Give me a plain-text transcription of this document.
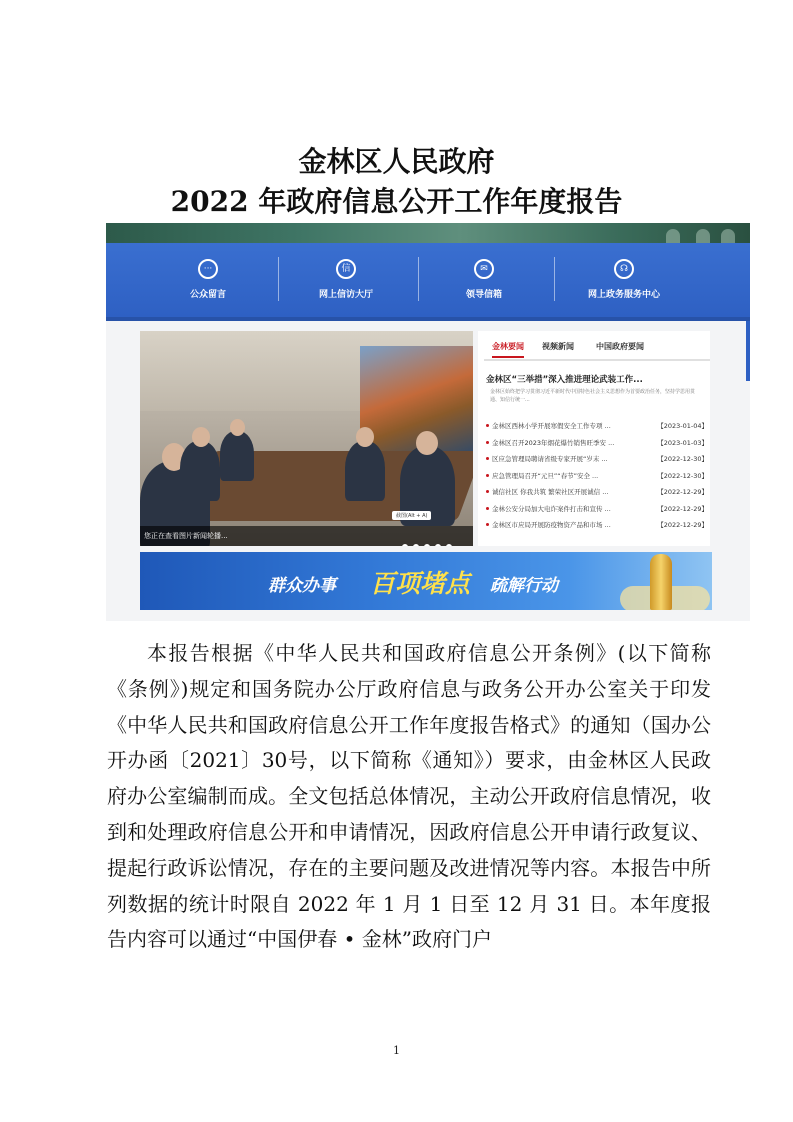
金林区人民政府
2022 年政府信息公开工作年度报告
···
公众留言
信
网上信访大厅
✉
领导信箱
☊
网上政务服务中心
截图(Alt + A)
您正在查看图片新闻轮播...
金林要闻 视频新闻	中国政府要闻
金林区“三举措”深入推进理论武装工作...
金林区始终把学习贯彻习近平新时代中国特色社会主义思想作为首要政治任务，坚持学思用贯通、知信行统一...
金林区西林小学开展寒假安全工作专项 ...	【2023-01-04】
金林区召开2023年烟花爆竹销售旺季安 ...	【2023-01-03】
区应急管理局聘请省级专家开展“岁末 ...	【2022-12-30】
应急管理局召开“元旦”“春节”安全 ...	【2022-12-30】
诚信社区 你我共筑 繁荣社区开展诚信 ...	【2022-12-29】
金林公安分局加大电诈案件打击和宣传 ...	【2022-12-29】
金林区市应局开展防疫物资产品和市场 ...	【2022-12-29】
群众办事 百项堵点 疏解行动

本报告根据《中华人民共和国政府信息公开条例》(以下简称《条例》)规定和国务院办公厅政府信息与政务公开办公室关于印发《中华人民共和国政府信息公开工作年度报告格式》的通知（国办公开办函〔2021〕30号，以下简称《通知》）要求，由金林区人民政府办公室编制而成。全文包括总体情况，主动公开政府信息情况，收到和处理政府信息公开和申请情况，因政府信息公开申请行政复议、提起行政诉讼情况，存在的主要问题及改进情况等内容。本报告中所列数据的统计时限自 2022 年 1 月 1 日至 12 月 31 日。本年度报告内容可以通过“中国伊春 • 金林”政府门户

1
